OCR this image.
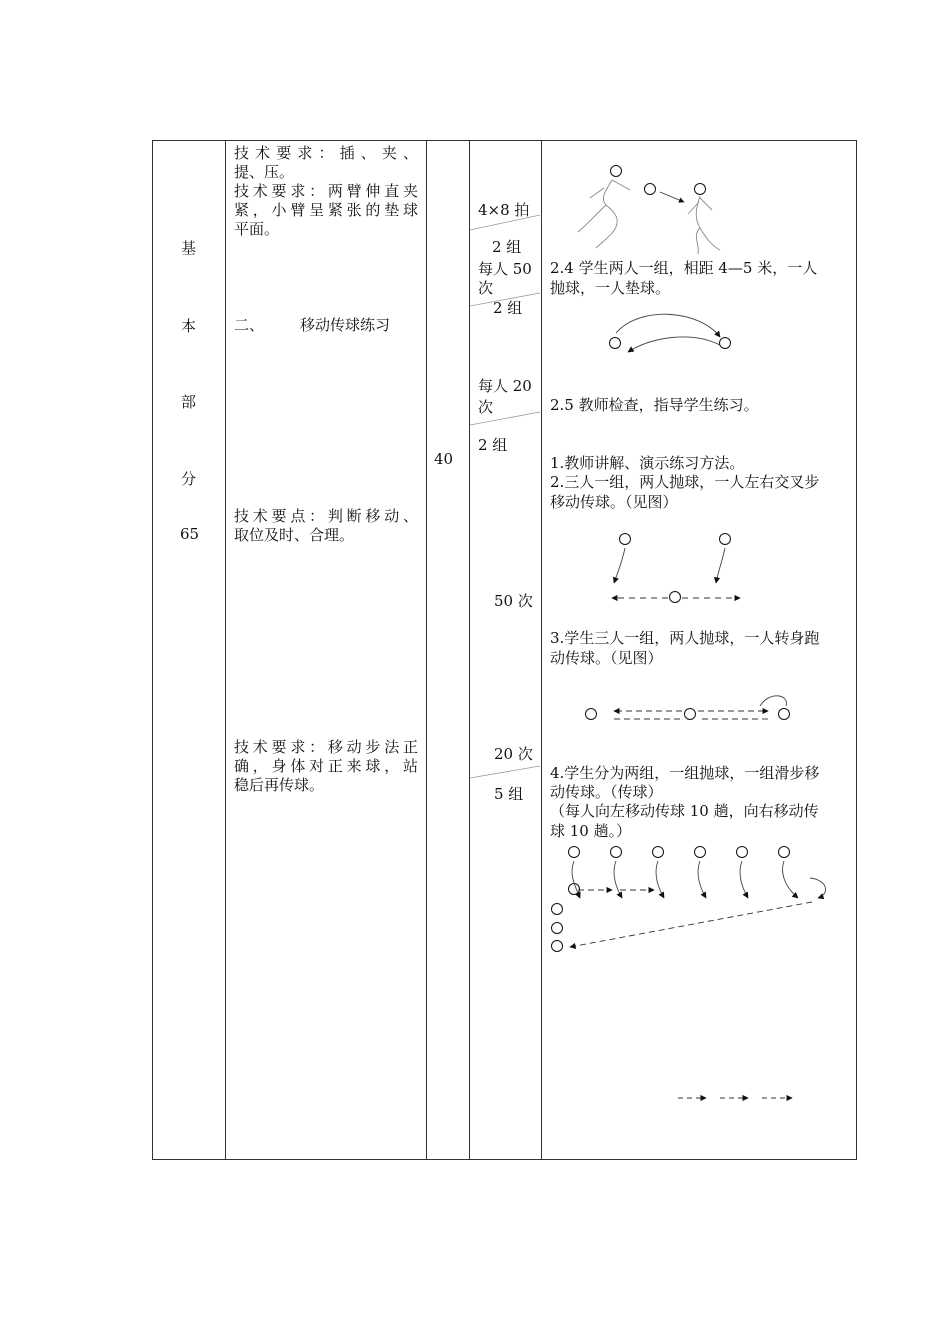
基
本
部
分
65
技术要求：插、夹、
提、压。
技术要求：两臂伸直夹
紧，小臂呈紧张的垫球
平面。
二、 移动传球练习
技术要点：判断移动、
取位及时、合理。
技术要求：移动步法正
确，身体对正来球，站
稳后再传球。
40
4×8 拍
2 组
每人 50
次
2 组
每人 20
次
2 组
50 次
20 次
5 组
2.4 学生两人一组，相距 4—5 米，一人
抛球，一人垫球。
2.5 教师检查，指导学生练习。
1.教师讲解、演示练习方法。
2.三人一组，两人抛球，一人左右交叉步
移动传球。（见图）
3.学生三人一组，两人抛球，一人转身跑
动传球。（见图）
4.学生分为两组，一组抛球，一组滑步移
动传球。（传球）
（每人向左移动传球 10 趟，向右移动传
球 10 趟。）
